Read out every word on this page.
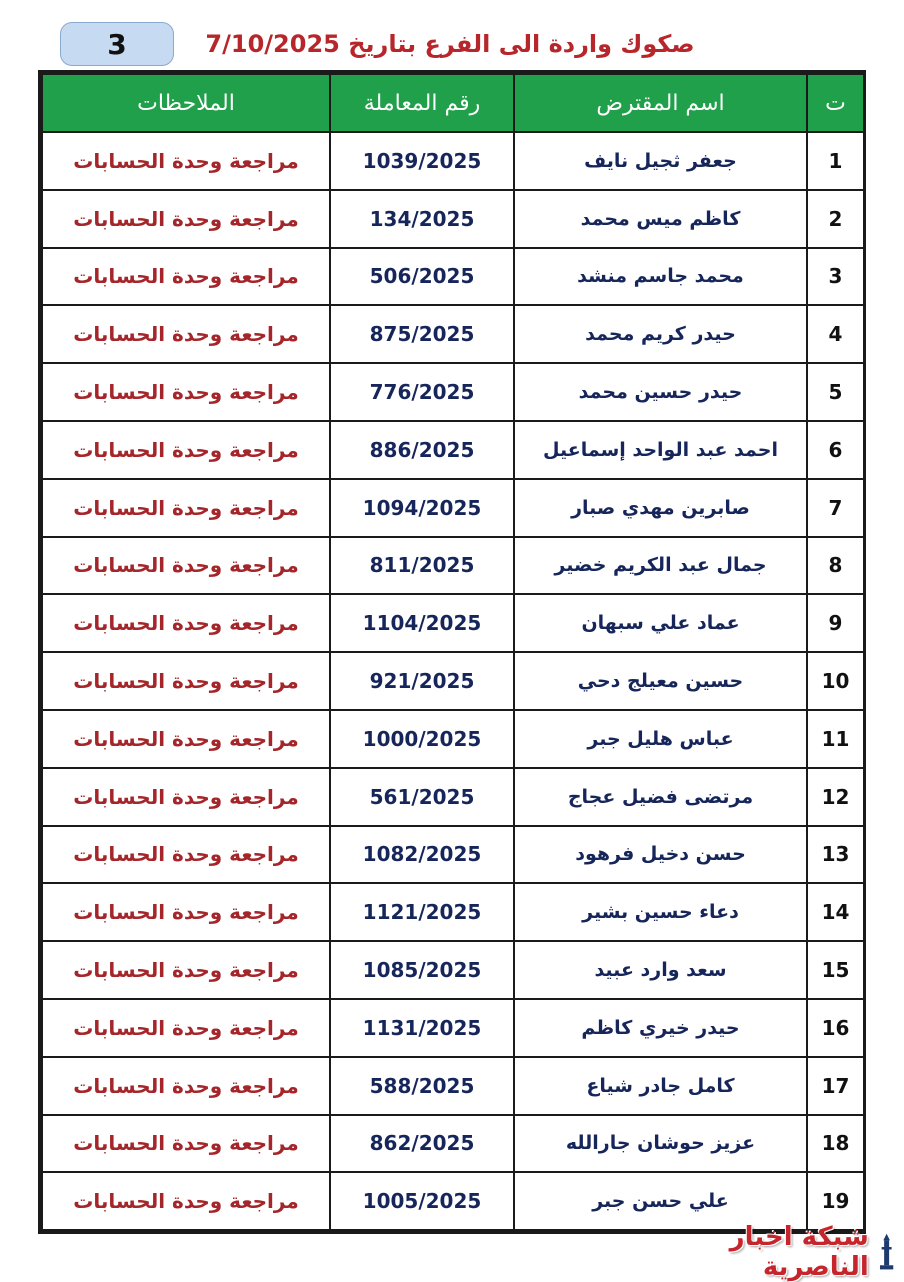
3	صكوك واردة الى الفرع بتاريخ 7/10/2025
ت	اسم المقترض	رقم المعاملة	الملاحظات
1	جعفر ثجيل نايف	1039/2025	مراجعة وحدة الحسابات
2	كاظم ميس محمد	134/2025	مراجعة وحدة الحسابات
3	محمد جاسم منشد	506/2025	مراجعة وحدة الحسابات
4	حيدر كريم محمد	875/2025	مراجعة وحدة الحسابات
5	حيدر حسين محمد	776/2025	مراجعة وحدة الحسابات
6	احمد عبد الواحد إسماعيل	886/2025	مراجعة وحدة الحسابات
7	صابرين مهدي صبار	1094/2025	مراجعة وحدة الحسابات
8	جمال عبد الكريم خضير	811/2025	مراجعة وحدة الحسابات
9	عماد علي سبهان	1104/2025	مراجعة وحدة الحسابات
10	حسين معيلج دحي	921/2025	مراجعة وحدة الحسابات
11	عباس هليل جبر	1000/2025	مراجعة وحدة الحسابات
12	مرتضى فضيل عجاج	561/2025	مراجعة وحدة الحسابات
13	حسن دخيل فرهود	1082/2025	مراجعة وحدة الحسابات
14	دعاء حسين بشير	1121/2025	مراجعة وحدة الحسابات
15	سعد وارد عبيد	1085/2025	مراجعة وحدة الحسابات
16	حيدر خيري كاظم	1131/2025	مراجعة وحدة الحسابات
17	كامل جادر شياع	588/2025	مراجعة وحدة الحسابات
18	عزيز حوشان جارالله	862/2025	مراجعة وحدة الحسابات
19	علي حسن جبر	1005/2025	مراجعة وحدة الحسابات
شبكة اخبار الناصرية
